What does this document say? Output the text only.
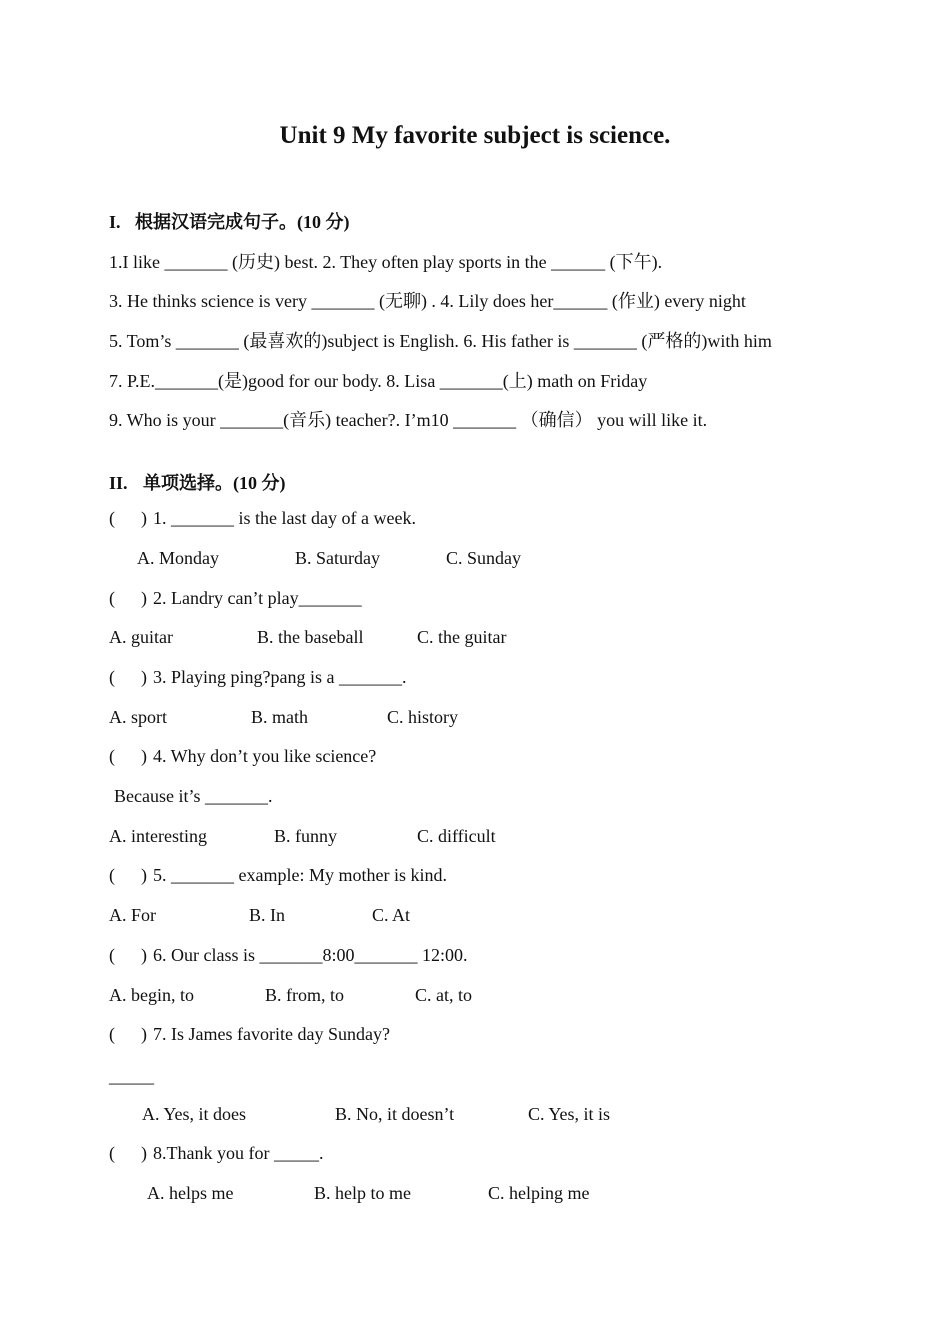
Unit 9 My favorite subject is science.
I. 根据汉语完成句子。(10 分)
1.I like _______ (历史) best. 2. They often play sports in the ______ (下午).
3. He thinks science is very _______ (无聊) . 4. Lily does her______ (作业) every night
5. Tom’s _______ (最喜欢的)subject is English. 6. His father is _______ (严格的)with him
7. P.E._______(是)good for our body. 8. Lisa _______(上) math on Friday
9. Who is your _______(音乐) teacher?. I’m10 _______ （确信） you will like it.
II. 单项选择。(10 分)
( ) 1. _______ is the last day of a week.
A. Monday	B. Saturday	C. Sunday
( ) 2. Landry can’t play_______
A. guitar	B. the baseball	C. the guitar
( ) 3. Playing ping?pang is a _______.
A. sport	B. math	C. history
( ) 4. Why don’t you like science?
Because it’s _______.
A. interesting	B. funny	C. difficult
( ) 5. _______ example: My mother is kind.
A. For	B. In	C. At
( ) 6. Our class is _______8:00_______ 12:00.
A. begin, to	B. from, to	C. at, to
( ) 7. Is James favorite day Sunday?
_____
A. Yes, it does	B. No, it doesn’t	C. Yes, it is
( ) 8.Thank you for _____.
A. helps me	B. help to me	C. helping me
